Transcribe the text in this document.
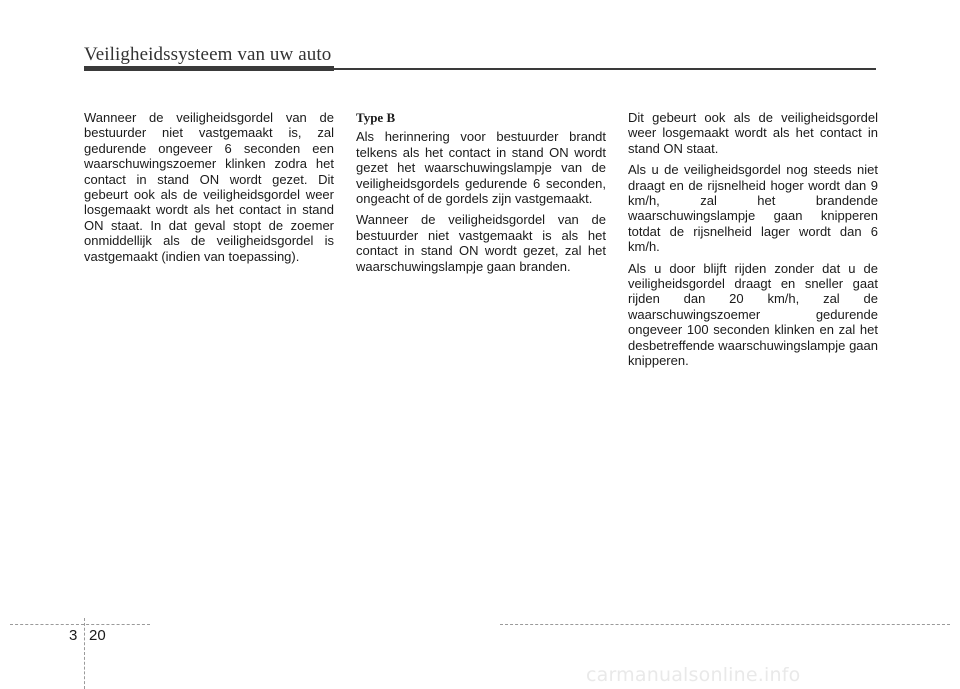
Veiligheidssysteem van uw auto

Wanneer de veiligheidsgordel van de bestuurder niet vastgemaakt is, zal gedurende ongeveer 6 seconden een waarschuwingszoemer klinken zodra het contact in stand ON wordt gezet. Dit gebeurt ook als de veiligheidsgordel weer losgemaakt wordt als het contact in stand ON staat. In dat geval stopt de zoemer onmiddellijk als de veiligheidsgordel is vastgemaakt (indien van toepassing).

Type B

Als herinnering voor bestuurder brandt telkens als het contact in stand ON wordt gezet het waarschuwingslampje van de veiligheidsgordels gedurende 6 seconden, ongeacht of de gordels zijn vastgemaakt.

Wanneer de veiligheidsgordel van de bestuurder niet vastgemaakt is als het contact in stand ON wordt gezet, zal het waarschuwingslampje gaan branden.

Dit gebeurt ook als de veiligheidsgordel weer losgemaakt wordt als het contact in stand ON staat.

Als u de veiligheidsgordel nog steeds niet draagt en de rijsnelheid hoger wordt dan 9 km/h, zal het brandende waarschuwingslampje gaan knipperen totdat de rijsnelheid lager wordt dan 6 km/h.

Als u door blijft rijden zonder dat u de veiligheidsgordel draagt en sneller gaat rijden dan 20 km/h, zal de waarschuwingszoemer gedurende ongeveer 100 seconden klinken en zal het desbetreffende waarschuwingslampje gaan knipperen.

3 20
carmanualsonline.info
